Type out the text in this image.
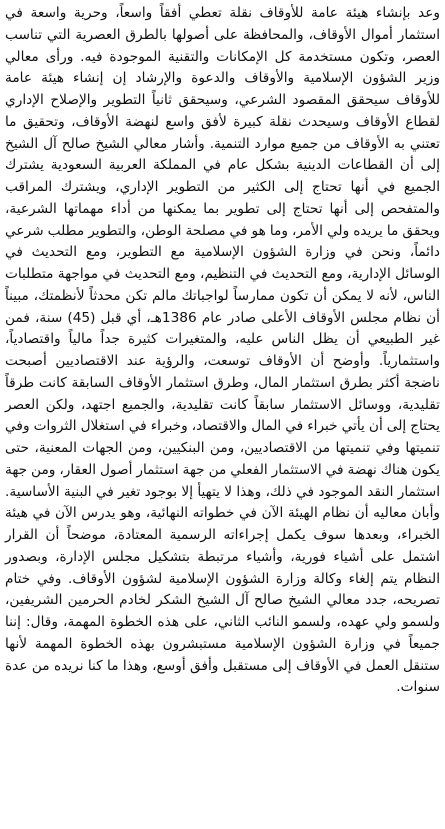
وعد بإنشاء هيئة عامة للأوقاف نقلة تعطي أفقاً واسعاً، وحرية واسعة في استثمار أموال الأوقاف، والمحافظة على أصولها بالطرق العصرية التي تناسب العصر، وتكون مستخدمة كل الإمكانات والتقنية الموجودة فيه. ورأى معالي وزير الشؤون الإسلامية والأوقاف والدعوة والإرشاد إن إنشاء هيئة عامة للأوقاف سيحقق المقصود الشرعي، وسيحقق ثانياً التطوير والإصلاح الإداري لقطاع الأوقاف وسيحدث نقلة كبيرة لأفق واسع لنهضة الأوقاف، وتحقيق ما تعتني به الأوقاف من جميع موارد التنمية. وأشار معالي الشيخ صالح آل الشيخ إلى أن القطاعات الدينية بشكل عام في المملكة العربية السعودية يشترك الجميع في أنها تحتاج إلى الكثير من التطوير الإداري، ويشترك المراقب والمتفحص إلى أنها تحتاج إلى تطوير بما يمكنها من أداء مهماتها الشرعية، ويحقق ما يريده ولي الأمر، وما هو في مصلحة الوطن، والتطوير مطلب شرعي دائماً، ونحن في وزارة الشؤون الإسلامية مع التطوير، ومع التحديث في الوسائل الإدارية، ومع التحديث في التنظيم، ومع التحديث في مواجهة متطلبات الناس، لأنه لا يمكن أن تكون ممارساً لواجباتك مالم تكن محدثاً لأنظمتك، مبيناً أن نظام مجلس الأوقاف الأعلى صادر عام 1386هـ، أي قبل (45) سنة، فمن غير الطبيعي أن يظل الناس عليه، والمتغيرات كثيرة جداً مالياً واقتصادياً، واستثمارياً. وأوضح أن الأوقاف توسعت، والرؤية عند الاقتصاديين أصبحت ناضجة أكثر بطرق استثمار المال، وطرق استثمار الأوقاف السابقة كانت طرقاً تقليدية، ووسائل الاستثمار سابقاً كانت تقليدية، والجميع اجتهد، ولكن العصر يحتاج إلى أن يأتي خبراء في المال والاقتصاد، وخبراء في استغلال الثروات وفي تنميتها وفي تنميتها من الاقتصاديين، ومن البنكيين، ومن الجهات المعنية، حتى يكون هناك نهضة في الاستثمار الفعلي من جهة استثمار أصول العقار، ومن جهة استثمار النقد الموجود في ذلك، وهذا لا يتهيأ إلا بوجود تغير في البنية الأساسية. وأبان معاليه أن نظام الهيئة الآن في خطواته النهائية، وهو يدرس الآن في هيئة الخبراء، وبعدها سوف يكمل إجراءاته الرسمية المعتادة، موضحاً أن القرار اشتمل على أشياء فورية، وأشياء مرتبطة بتشكيل مجلس الإدارة، وبصدور النظام يتم إلغاء وكالة وزارة الشؤون الإسلامية لشؤون الأوقاف. وفي ختام تصريحه، جدد معالي الشيخ صالح آل الشيخ الشكر لخادم الحرمين الشريفين، ولسمو ولي عهده، ولسمو النائب الثاني، على هذه الخطوة المهمة، وقال: إننا جميعاً في وزارة الشؤون الإسلامية مستبشرون بهذه الخطوة المهمة لأنها ستنقل العمل في الأوقاف إلى مستقبل وأفق أوسع، وهذا ما كنا نريده من عدة سنوات.
